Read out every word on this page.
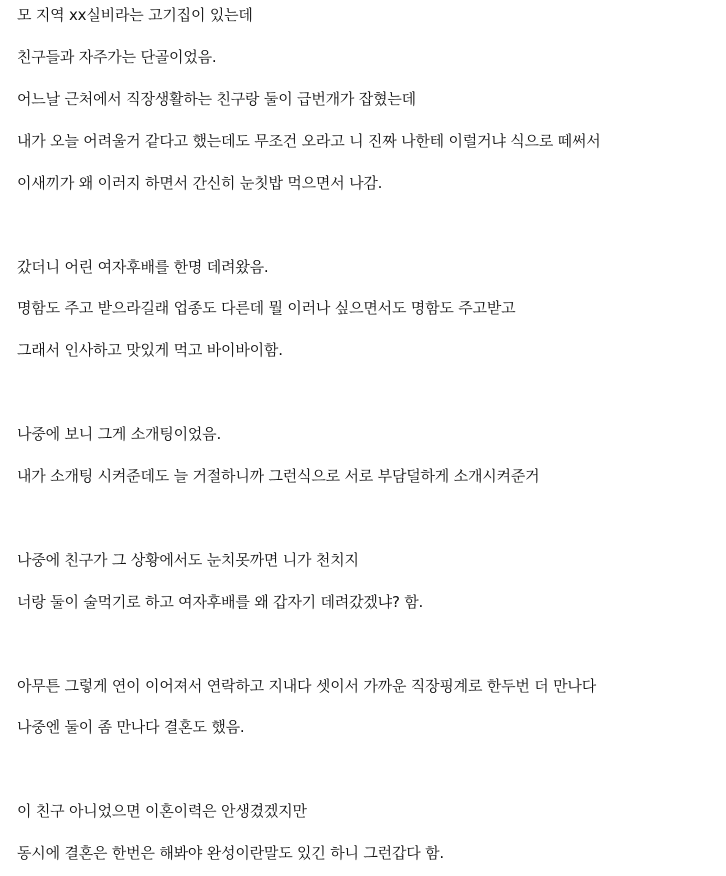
모 지역 xx실비라는 고기집이 있는데
친구들과 자주가는 단골이었음.
어느날 근처에서 직장생활하는 친구랑 둘이 급번개가 잡혔는데
내가 오늘 어려울거 같다고 했는데도 무조건 오라고 니 진짜 나한테 이럴거냐 식으로 떼써서
이새끼가 왜 이러지 하면서 간신히 눈칫밥 먹으면서 나감.
갔더니 어린 여자후배를 한명 데려왔음.
명함도 주고 받으라길래 업종도 다른데 뭘 이러나 싶으면서도 명함도 주고받고
그래서 인사하고 맛있게 먹고 바이바이함.
나중에 보니 그게 소개팅이었음.
내가 소개팅 시켜준데도 늘 거절하니까 그런식으로 서로 부담덜하게 소개시켜준거
나중에 친구가 그 상황에서도 눈치못까면 니가 천치지
너랑 둘이 술먹기로 하고 여자후배를 왜 갑자기 데려갔겠냐? 함.
아무튼 그렇게 연이 이어져서 연락하고 지내다 셋이서 가까운 직장핑계로 한두번 더 만나다
나중엔 둘이 좀 만나다 결혼도 했음.
이 친구 아니었으면 이혼이력은 안생겼겠지만
동시에 결혼은 한번은 해봐야 완성이란말도 있긴 하니 그런갑다 함.
